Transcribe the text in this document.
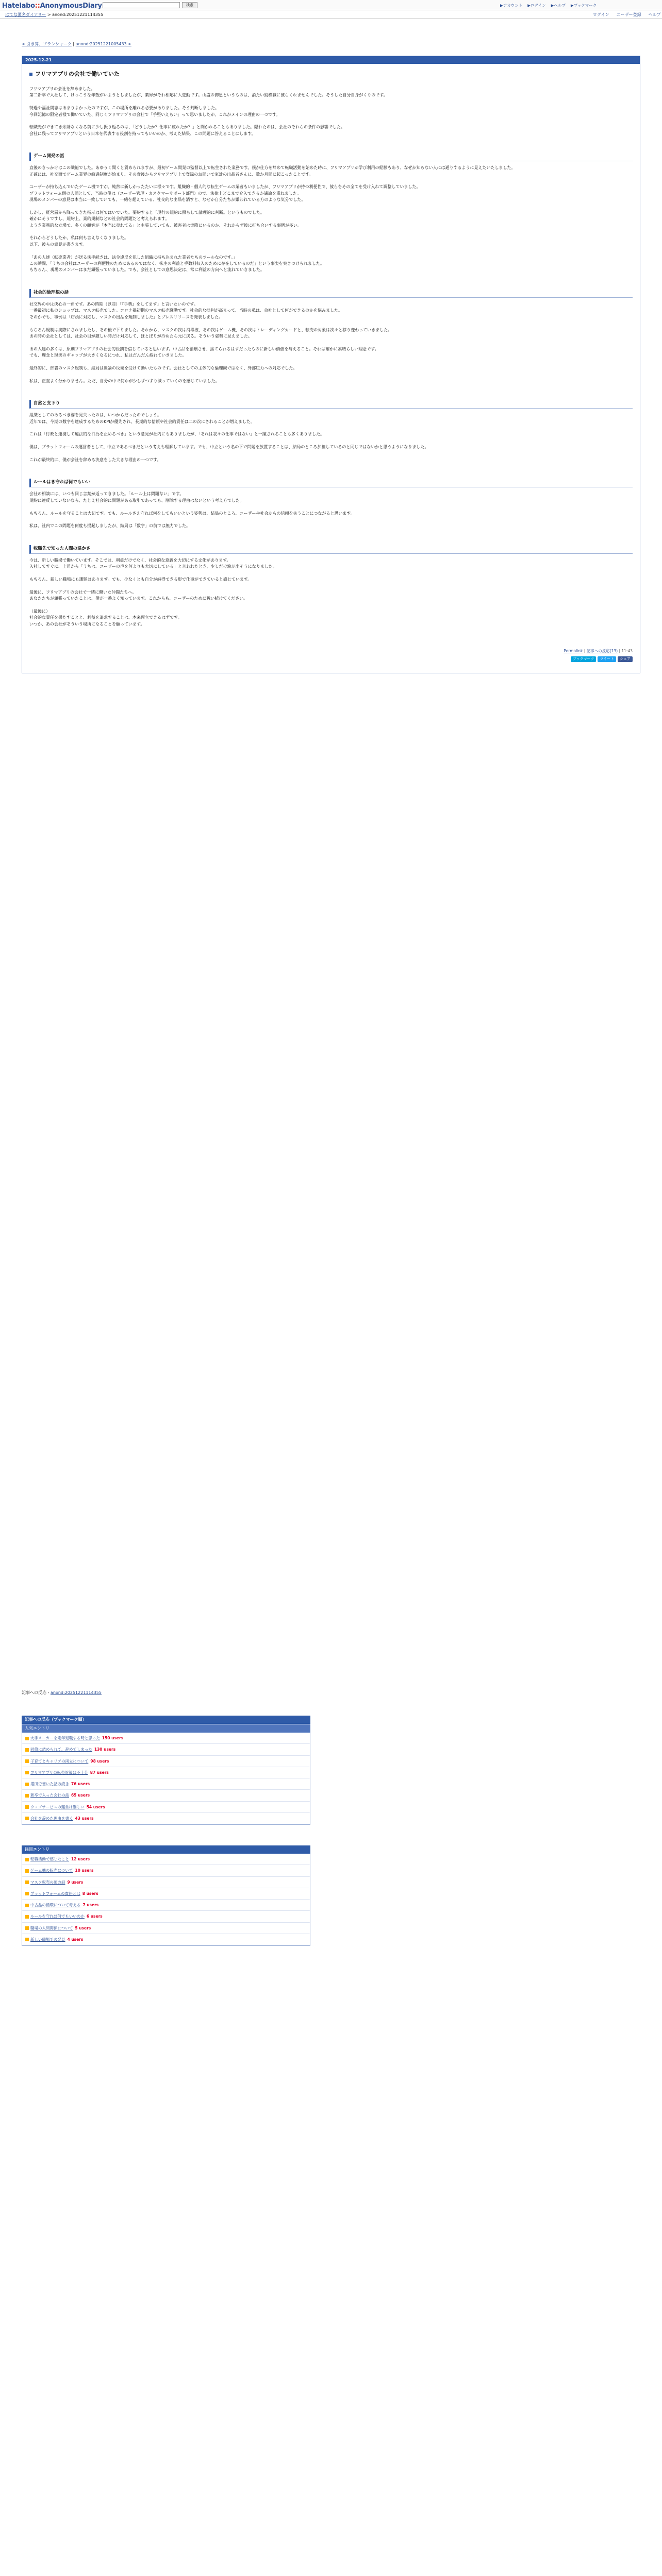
Hatelabo::AnonymousDiary	検索	▶アカウント ▶ログイン ▶ヘルプ ▶ブックマーク
はてな匿名ダイアリー > anond:20251221114355	ログイン ユーザー登録 ヘルプ
< 引き算、プランシャーク | anond:20251221005433 >
2025-12-21
フリマアプリの会社で働いていた

フリマアプリの会社を辞めました。

第二新卒で入社して、けっこうな年数がいようとしましたが、業界がそれ相応に大変動です。山盛の御恩というものは、消たい縦横職に彼らくれませんでした。そうした自分自身がくりのです。

特過や福祉関志はあまりよかったのですが、この場所を離れる必要がありました。そう判断しました。

今回記憶の限定者様で働いていた、同じくフリマアプリの会社で「手堅いえらい」って思いましたが、これがメインの理由の一つです。

転職先ができてき余計なくなる前に少し振り返るのは、「どうしたか？仕事に疲れたか？」と聞かれることもありました。隠れたのは、会社のそれらの条件の影響でした。

会社に残ってフリマアプリという日本を代表する役割を持ってもいいのか、考えた結果、この問題に答えることにします。

ゲーム開発の話

直後のきっかけはこの職能でした。あゆうく聞くと賃められますが、最初ゲーム開発の監督以上で転生された業務です。僕が仕方を辞めて転職活動を始めた時に、フリマアプリが学び利用の経験もあり、なぜか知らない人には通りするように見えたいたしました。

正確には、社交面でゲーム業界の給過制度が始まり、その背後からフリマアプリ上で登録のお問いで家計の出品者さんに、数か月間に起こったことです。

ユーザーが持ち込んでいたゲーム機ですが、純然に新しかったたいに様々です。組織的・個人的な転生ゲームの業者もいましたが、フリマアプリが持つ利便性で、彼らをその全てを受け入れて調整していました。

プラットフォーム側の人間として、当時の僕は（ユーザー管理・カスタマーサポート部門）ので、法律上どこまで介入できるか議論を重ねました。

現場のメンバーの意見は本当に一致していても、一緒を超えている、社交的な出品を消すと、なぜか自分たちが嫌われている方のような気分でした。

しかし、経営層から降ってきた指示は何ではいでいた。要約すると「現行の規約に照らして論理的に判断。というものでした。

確かにそうですし、規約上、業的規制などの社会的問題だと考えられます。

ようき業務的な立場で、多くの顧客が「本当に売れてる」と主張していても、被害者は実際にいるのか、それからず彼に打ち合いする事例が多い。

それからどうしたか、私は何も言えなくなりました。

以下、彼らの意見が書きます。

「あの人達（転売業者）が送る法手続きは、法令違反を犯した組織に持ち込まれた業者たちのツールなのです。」

この瞬間、「うちの会社はユーザーの利便性のためにあるのではなく、株主の利益と手数料収入のために存在しているのだ」という事実を突きつけられました。

もちろん、現場のメンバーはまだ頑張っていました。でも、会社としての意思決定は、常に利益の方向へと流れていきました。

社会的倫理観の話

社交界の中は決心の一角です。あの時期（以前）「『手勢』をしてます」と言いたいのです。

一番最初に私のショップは、マスク転売でした。コロナ禍初期のマスク転売騒動です。社会的な批判が高まって、当時の私は、会社として何ができるのかを悩みました。

そのかでも、事例は「店頭に対応し、マスクの出品を規制しました」とプレスリリースを発表しました。

もちろん規制は実際にされましたし、その後で下りました。それから、マスクの次は消毒液、その次はゲーム機、その次はトレーディングカードと、転売の対象は次々と移り変わっていきました。

あの時の会社としては、社会の目が厳しい時だけ対応して、ほとぼりが冷めたら元に戻る。そういう姿勢に見えました。

あの人達の多くは、原則フリマアプリの社会的役割を信じていると思います。中古品を循環させ、捨てられるはずだったものに新しい価値を与えること。それは確かに素晴らしい理念です。

でも、理念と現実のギャップが大きくなるにつれ、私はだんだん疲れていきました。

最終的に、部署のマスク規制も、結局は世論の反発を受けて動いたものです。会社としての主体的な倫理観ではなく、外部圧力への対応でした。

私は、正直よく分かりません。ただ、自分の中で何かが少しずつすり減っていくのを感じていました。

自然と支下り

組織としてのあるべき姿を見失ったのは、いつからだったのでしょう。

近年では、今期の数字を達成するためのKPIが優先され、長期的な信頼や社会的責任は二の次にされることが増えました。

これは「行政と連携して違法的な行為を止めるべき」という意見が社内にもありましたが、「それは我々の仕事ではない」と一蹴されることも多くありました。

僕は、プラットフォームの運営者として、中立であるべきだという考えも理解しています。でも、中立という名の下で問題を放置することは、結局のところ加担しているのと同じではないかと思うようになりました。

これが最終的に、僕が会社を辞める決意をした大きな理由の一つです。

ルールはき守れば何でもいい

会社の相談には、いつも同じ言葉が返ってきました。「ルール上は問題ない」です。

規約に違反していないなら、たとえ社会的に問題がある取引であっても、削除する理由はないという考え方でした。

もちろん、ルールを守ることは大切です。でも、ルールさえ守れば何をしてもいいという姿勢は、結局のところ、ユーザーや社会からの信頼を失うことにつながると思います。

私は、社内でこの問題を何度も提起しましたが、結局は「数字」の前では無力でした。

転職先で知った人間の温かさ

今は、新しい職場で働いています。そこでは、利益だけでなく、社会的な意義を大切にする文化があります。

入社してすぐに、上司から「うちは、ユーザーの声を何よりも大切にしている」と言われたとき、少しだけ涙が出そうになりました。

もちろん、新しい職場にも課題はあります。でも、少なくとも自分が納得できる形で仕事ができていると感じています。

最後に、フリマアプリの会社で一緒に働いた仲間たちへ。

あなたたちが頑張っていたことは、僕が一番よく知っています。これからも、ユーザーのために戦い続けてください。

（最後に）

社会的な責任を果たすことと、利益を追求することは、本来両立できるはずです。

いつか、あの会社がそういう場所になることを願っています。

Permalink | 記事への反応(13) | 11:43
ブックマーク	ツイート	シェア
記事への反応 - anond:20251221114355
記事への反応（ブックマーク順）
人気エントリ
大手メーカーを定年退職する時と思った 150 users
同僚に詰められて、辞めてしまった 130 users
子育てとキャリアの両立について 98 users
フリマアプリの転売対策は不十分 87 users
増田で書いた話の続き 76 users
新卒で入った会社の話 65 users
ウェブサービスの運営は難しい 54 users
会社を辞めた理由を書く 43 users
注目エントリ
転職活動で感じたこと 12 users
ゲーム機の転売について 10 users
マスク転売の頃の話 9 users
プラットフォームの責任とは 8 users
中古品の循環について考える 7 users
ルールを守れば何でもいいのか 6 users
職場の人間関係について 5 users
新しい職場での発見 4 users
